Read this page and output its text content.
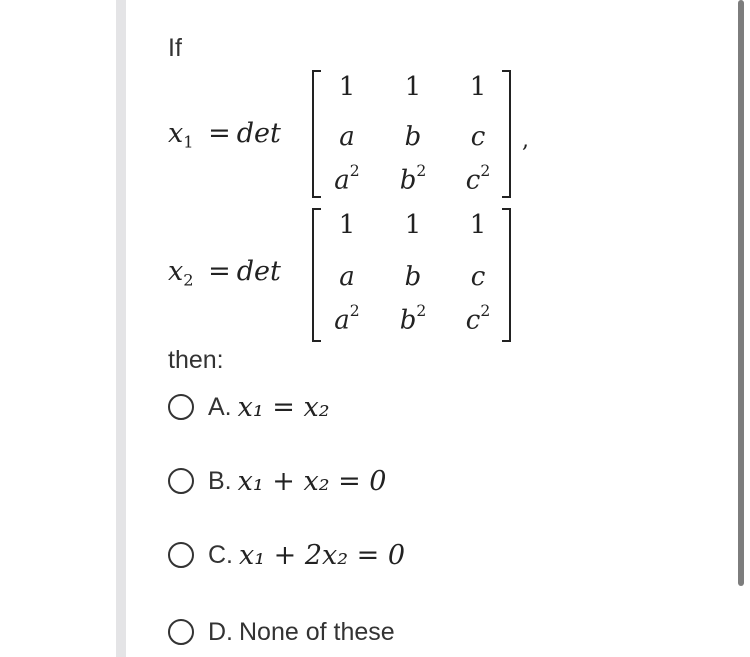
If
$x_1 = \det$
1	1	1
a	b	c
$a^2$ $b^2$ $c^2$
,
$x_2 = \det$
1	1	1
a	b	c
$a^2$ $b^2$ $c^2$
then:
A. x₁ = x₂
B. x₁ + x₂ = 0
C. x₁ + 2x₂ = 0
D. None of these
